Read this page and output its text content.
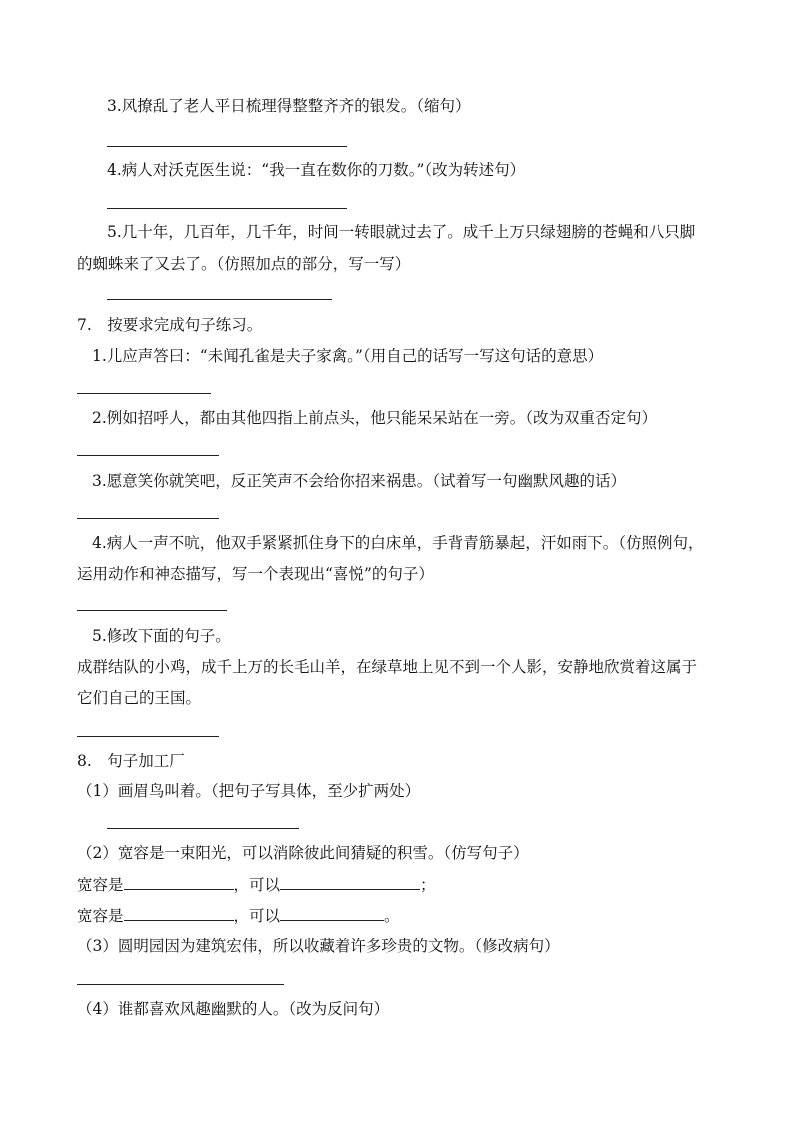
3.风撩乱了老人平日梳理得整整齐齐的银发。（缩句）
4.病人对沃克医生说：“我一直在数你的刀数。”（改为转述句）
5.几十年，几百年，几千年，时间一转眼就过去了。成千上万只绿翅膀的苍蝇和八只脚
的蜘蛛来了又去了。（仿照加点的部分，写一写）
7.　按要求完成句子练习。
1.儿应声答曰：“未闻孔雀是夫子家禽。”（用自己的话写一写这句话的意思）
2.例如招呼人，都由其他四指上前点头，他只能呆呆站在一旁。（改为双重否定句）
3.愿意笑你就笑吧，反正笑声不会给你招来祸患。（试着写一句幽默风趣的话）
4.病人一声不吭，他双手紧紧抓住身下的白床单，手背青筋暴起，汗如雨下。（仿照例句，
运用动作和神态描写，写一个表现出“喜悦”的句子）
5.修改下面的句子。
成群结队的小鸡，成千上万的长毛山羊，在绿草地上见不到一个人影，安静地欣赏着这属于
它们自己的王国。
8.　句子加工厂
（1）画眉鸟叫着。（把句子写具体，至少扩两处）
（2）宽容是一束阳光，可以消除彼此间猜疑的积雪。（仿写句子）
宽容是	，可以	；
宽容是	，可以	。
（3）圆明园因为建筑宏伟，所以收藏着许多珍贵的文物。（修改病句）
（4）谁都喜欢风趣幽默的人。（改为反问句）
